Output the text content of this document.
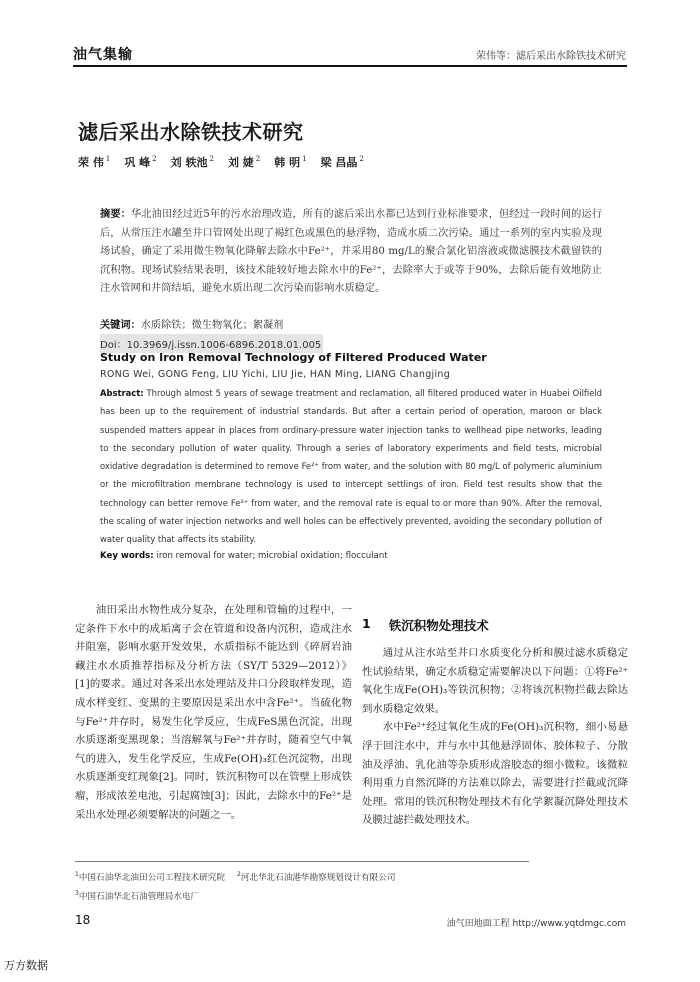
油气集输	荣伟等：滤后采出水除铁技术研究
滤后采出水除铁技术研究
荣 伟 $^1$ 巩 峰 $^2$ 刘 轶池 $^2$ 刘 婕 $^2$ 韩 明 $^1$ 梁 昌晶 $^2$
摘要：华北油田经过近5年的污水治理改造，所有的滤后采出水都已达到行业标准要求，但经过一段时间的运行后，从常压注水罐至井口管网处出现了褐红色或黑色的悬浮物，造成水质二次污染。通过一系列的室内实验及现场试验，确定了采用微生物氧化降解去除水中Fe²⁺，并采用80 mg/L的聚合氯化铝溶液或微滤膜技术截留铁的沉积物。现场试验结果表明，该技术能较好地去除水中的Fe²⁺，去除率大于或等于90%，去除后能有效地防止注水管网和井筒结垢，避免水质出现二次污染而影响水质稳定。
关键词：水质除铁；微生物氧化；絮凝剂
Doi：10.3969/j.issn.1006-6896.2018.01.005
Study on Iron Removal Technology of Filtered Produced Water
RONG Wei, GONG Feng, LIU Yichi, LIU Jie, HAN Ming, LIANG Changjing
Abstract: Through almost 5 years of sewage treatment and reclamation, all filtered produced water in Huabei Oilfield has been up to the requirement of industrial standards. But after a certain period of operation, maroon or black suspended matters appear in places from ordinary-pressure water injection tanks to wellhead pipe networks, leading to the secondary pollution of water quality. Through a series of laboratory experiments and field tests, microbial oxidative degradation is determined to remove Fe²⁺ from water, and the solution with 80 mg/L of polymeric aluminium or the microfiltration membrane technology is used to intercept settlings of iron. Field test results show that the technology can better remove Fe²⁺ from water, and the removal rate is equal to or more than 90%. After the removal, the scaling of water injection networks and well holes can be effectively prevented, avoiding the secondary pollution of water quality that affects its stability.
Key words: iron removal for water; microbial oxidation; flocculant

油田采出水物性成分复杂，在处理和管输的过程中，一定条件下水中的成垢离子会在管道和设备内沉积，造成注水井阻塞，影响水驱开发效果，水质指标不能达到《碎屑岩油藏注水水质推荐指标及分析方法（SY/T 5329—2012）》[1]的要求。通过对各采出水处理站及井口分段取样发现，造成水样变红、变黑的主要原因是采出水中含Fe²⁺。当硫化物与Fe²⁺并存时，易发生化学反应，生成FeS黑色沉淀，出现水质逐渐变黑现象；当溶解氧与Fe²⁺并存时，随着空气中氧气的进入，发生化学反应，生成Fe(OH)₃红色沉淀物，出现水质逐渐变红现象[2]。同时，铁沉积物可以在管壁上形成铁瘤，形成浓差电池，引起腐蚀[3]；因此，去除水中的Fe²⁺是采出水处理必须要解决的问题之一。

1 铁沉积物处理技术

通过从注水站至井口水质变化分析和膜过滤水质稳定性试验结果，确定水质稳定需要解决以下问题：①将Fe²⁺氧化生成Fe(OH)₃等铁沉积物；②将该沉积物拦截去除达到水质稳定效果。

水中Fe²⁺经过氧化生成的Fe(OH)₃沉积物，细小易悬浮于回注水中，并与水中其他悬浮固体、胶体粒子、分散油及浮油、乳化油等杂质形成溶胶态的细小微粒。该微粒利用重力自然沉降的方法难以除去，需要进行拦截或沉降处理。常用的铁沉积物处理技术有化学絮凝沉降处理技术及膜过滤拦截处理技术。

$^1$中国石油华北油田公司工程技术研究院 $^2$河北华北石油港华勘察规划设计有限公司
$^3$中国石油华北石油管理局水电厂
18	油气田地面工程 http://www.yqtdmgc.com
万方数据
